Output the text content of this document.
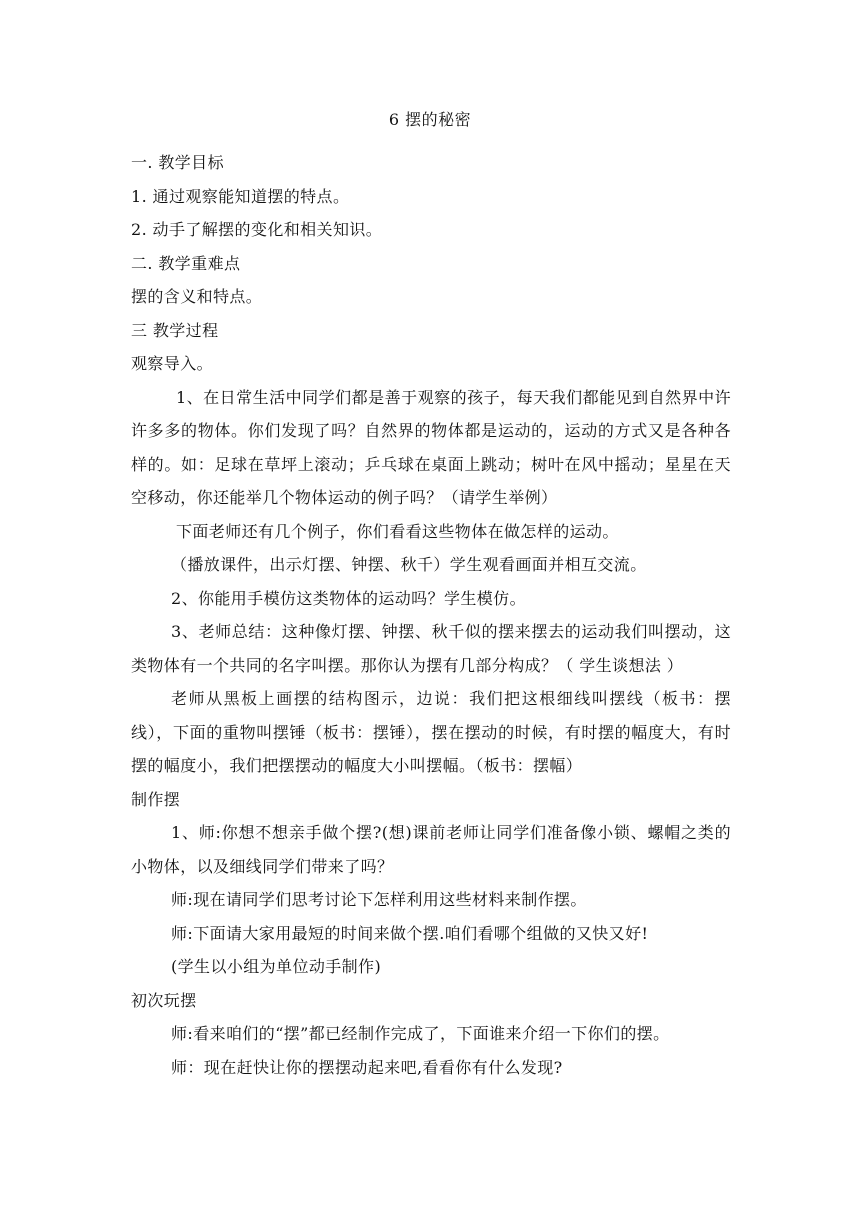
6 摆的秘密

一. 教学目标

1. 通过观察能知道摆的特点。

2. 动手了解摆的变化和相关知识。

二. 教学重难点

摆的含义和特点。

三 教学过程

观察导入。

1、在日常生活中同学们都是善于观察的孩子，每天我们都能见到自然界中许许多多的物体。你们发现了吗？自然界的物体都是运动的，运动的方式又是各种各样的。如：足球在草坪上滚动；乒乓球在桌面上跳动；树叶在风中摇动；星星在天空移动，你还能举几个物体运动的例子吗？（请学生举例）

下面老师还有几个例子，你们看看这些物体在做怎样的运动。

（播放课件，出示灯摆、钟摆、秋千）学生观看画面并相互交流。

2、你能用手模仿这类物体的运动吗？学生模仿。

3、老师总结：这种像灯摆、钟摆、秋千似的摆来摆去的运动我们叫摆动，这类物体有一个共同的名字叫摆。那你认为摆有几部分构成？（ 学生谈想法 ）

老师从黑板上画摆的结构图示，边说：我们把这根细线叫摆线（板书：摆线），下面的重物叫摆锤（板书：摆锤），摆在摆动的时候，有时摆的幅度大，有时摆的幅度小，我们把摆摆动的幅度大小叫摆幅。（板书：摆幅）

制作摆

1、师:你想不想亲手做个摆?(想)课前老师让同学们准备像小锁、螺帽之类的小物体，以及细线同学们带来了吗？

师:现在请同学们思考讨论下怎样利用这些材料来制作摆。

师:下面请大家用最短的时间来做个摆.咱们看哪个组做的又快又好!

(学生以小组为单位动手制作)

初次玩摆

师:看来咱们的“摆”都已经制作完成了，下面谁来介绍一下你们的摆。

师：现在赶快让你的摆摆动起来吧,看看你有什么发现?
